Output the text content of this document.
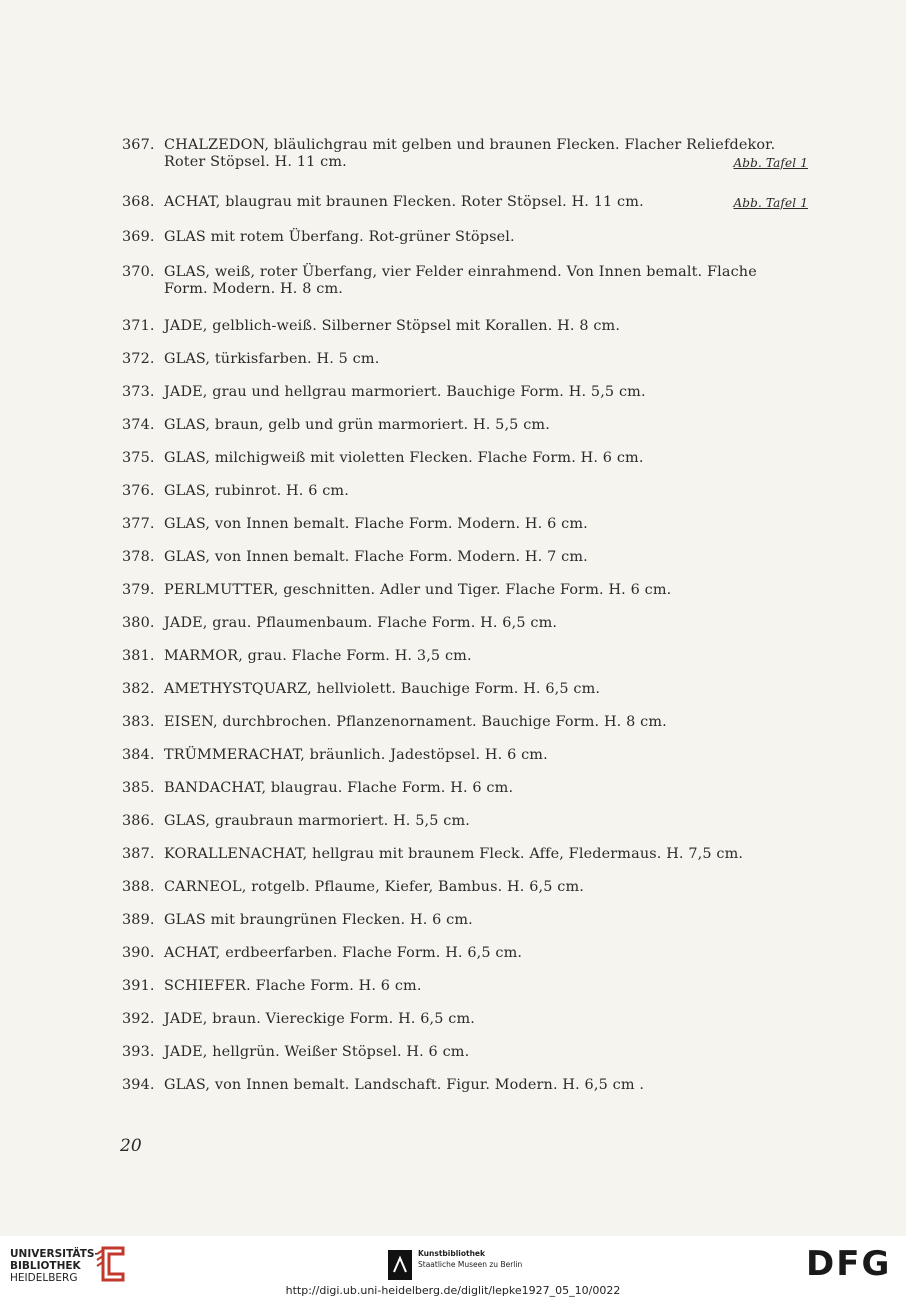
367. CHALZEDON, bläulichgrau mit gelben und braunen Flecken. Flacher Reliefdekor.
Roter Stöpsel. H. 11 cm.	Abb. Tafel 1
368. ACHAT, blaugrau mit braunen Flecken. Roter Stöpsel. H. 11 cm.	Abb. Tafel 1
369. GLAS mit rotem Überfang. Rot-grüner Stöpsel.
370. GLAS, weiß, roter Überfang, vier Felder einrahmend. Von Innen bemalt. Flache
Form. Modern. H. 8 cm.
371. JADE, gelblich-weiß. Silberner Stöpsel mit Korallen. H. 8 cm.
372. GLAS, türkisfarben. H. 5 cm.
373. JADE, grau und hellgrau marmoriert. Bauchige Form. H. 5,5 cm.
374. GLAS, braun, gelb und grün marmoriert. H. 5,5 cm.
375. GLAS, milchigweiß mit violetten Flecken. Flache Form. H. 6 cm.
376. GLAS, rubinrot. H. 6 cm.
377. GLAS, von Innen bemalt. Flache Form. Modern. H. 6 cm.
378. GLAS, von Innen bemalt. Flache Form. Modern. H. 7 cm.
379. PERLMUTTER, geschnitten. Adler und Tiger. Flache Form. H. 6 cm.
380. JADE, grau. Pflaumenbaum. Flache Form. H. 6,5 cm.
381. MARMOR, grau. Flache Form. H. 3,5 cm.
382. AMETHYSTQUARZ, hellviolett. Bauchige Form. H. 6,5 cm.
383. EISEN, durchbrochen. Pflanzenornament. Bauchige Form. H. 8 cm.
384. TRÜMMERACHAT, bräunlich. Jadestöpsel. H. 6 cm.
385. BANDACHAT, blaugrau. Flache Form. H. 6 cm.
386. GLAS, graubraun marmoriert. H. 5,5 cm.
387. KORALLENACHAT, hellgrau mit braunem Fleck. Affe, Fledermaus. H. 7,5 cm.
388. CARNEOL, rotgelb. Pflaume, Kiefer, Bambus. H. 6,5 cm.
389. GLAS mit braungrünen Flecken. H. 6 cm.
390. ACHAT, erdbeerfarben. Flache Form. H. 6,5 cm.
391. SCHIEFER. Flache Form. H. 6 cm.
392. JADE, braun. Viereckige Form. H. 6,5 cm.
393. JADE, hellgrün. Weißer Stöpsel. H. 6 cm.
394. GLAS, von Innen bemalt. Landschaft. Figur. Modern. H. 6,5 cm .
20
UNIVERSITÄTS-
BIBLIOTHEK
HEIDELBERG
Kunstbibliothek
Staatliche Museen zu Berlin	DFG
http://digi.ub.uni-heidelberg.de/diglit/lepke1927_05_10/0022
